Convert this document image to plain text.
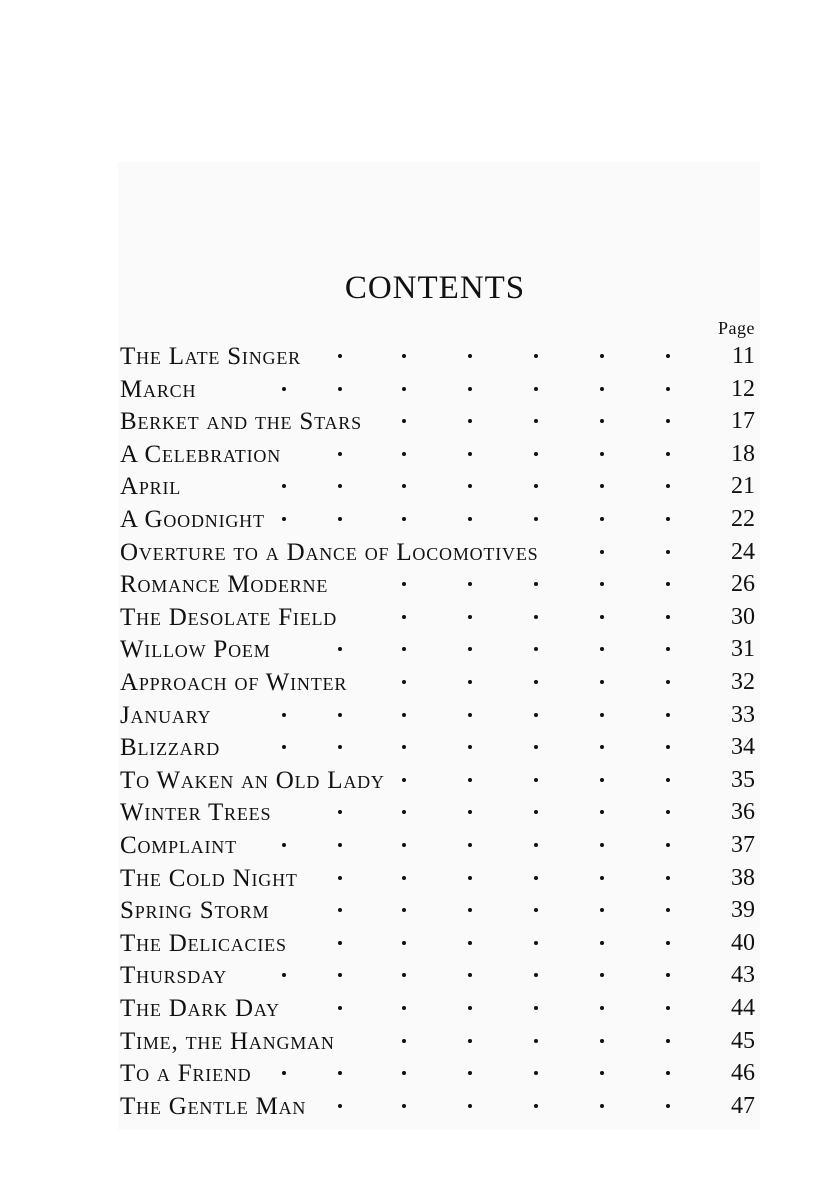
CONTENTS
Page
The Late Singer	11
March	12
Berket and the Stars	17
A Celebration	18
April	21
A Goodnight	22
Overture to a Dance of Locomotives	24
Romance Moderne	26
The Desolate Field	30
Willow Poem	31
Approach of Winter	32
January	33
Blizzard	34
To Waken an Old Lady	35
Winter Trees	36
Complaint	37
The Cold Night	38
Spring Storm	39
The Delicacies	40
Thursday	43
The Dark Day	44
Time, the Hangman	45
To a Friend	46
The Gentle Man	47
